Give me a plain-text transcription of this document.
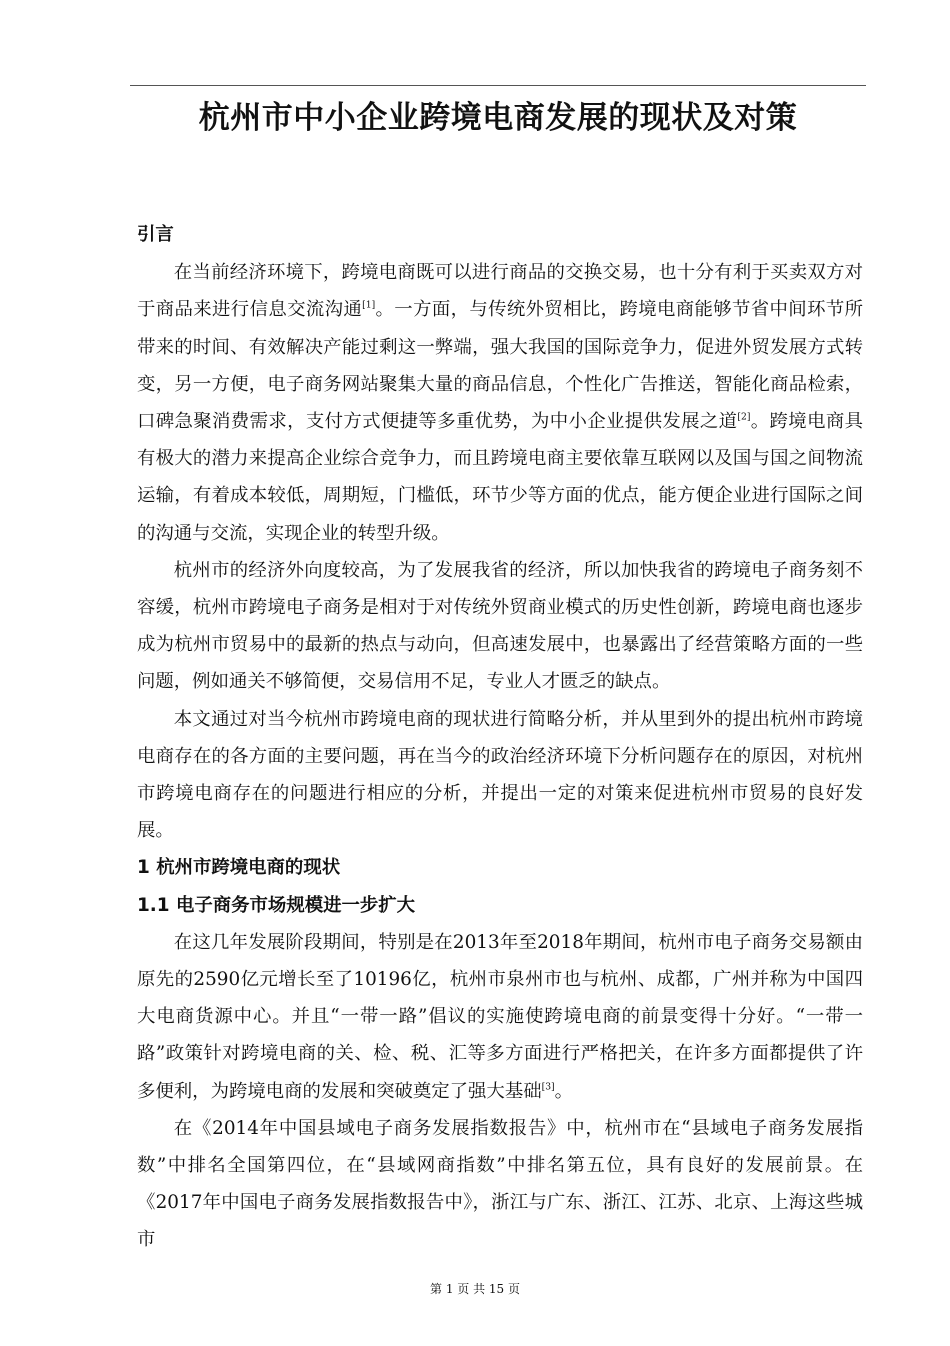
杭州市中小企业跨境电商发展的现状及对策
引言

在当前经济环境下，跨境电商既可以进行商品的交换交易，也十分有利于买卖双方对于商品来进行信息交流沟通[1]。一方面，与传统外贸相比，跨境电商能够节省中间环节所带来的时间、有效解决产能过剩这一弊端，强大我国的国际竞争力，促进外贸发展方式转变，另一方便，电子商务网站聚集大量的商品信息，个性化广告推送，智能化商品检索，口碑急聚消费需求，支付方式便捷等多重优势，为中小企业提供发展之道[2]。跨境电商具有极大的潜力来提高企业综合竞争力，而且跨境电商主要依靠互联网以及国与国之间物流运输，有着成本较低，周期短，门槛低，环节少等方面的优点，能方便企业进行国际之间的沟通与交流，实现企业的转型升级。

杭州市的经济外向度较高，为了发展我省的经济，所以加快我省的跨境电子商务刻不容缓，杭州市跨境电子商务是相对于对传统外贸商业模式的历史性创新，跨境电商也逐步成为杭州市贸易中的最新的热点与动向，但高速发展中，也暴露出了经营策略方面的一些问题，例如通关不够简便，交易信用不足，专业人才匮乏的缺点。

本文通过对当今杭州市跨境电商的现状进行简略分析，并从里到外的提出杭州市跨境电商存在的各方面的主要问题，再在当今的政治经济环境下分析问题存在的原因，对杭州市跨境电商存在的问题进行相应的分析，并提出一定的对策来促进杭州市贸易的良好发展。

1 杭州市跨境电商的现状
1.1 电子商务市场规模进一步扩大

在这几年发展阶段期间，特别是在2013年至2018年期间，杭州市电子商务交易额由原先的2590亿元增长至了10196亿，杭州市泉州市也与杭州、成都，广州并称为中国四大电商货源中心。并且“一带一路”倡议的实施使跨境电商的前景变得十分好。“一带一路”政策针对跨境电商的关、检、税、汇等多方面进行严格把关，在许多方面都提供了许多便利，为跨境电商的发展和突破奠定了强大基础[3]。

在《2014年中国县域电子商务发展指数报告》中，杭州市在“县域电子商务发展指数”中排名全国第四位，在“县域网商指数”中排名第五位，具有良好的发展前景。在《2017年中国电子商务发展指数报告中》，浙江与广东、浙江、江苏、北京、上海这些城市

第 1 页 共 15 页
